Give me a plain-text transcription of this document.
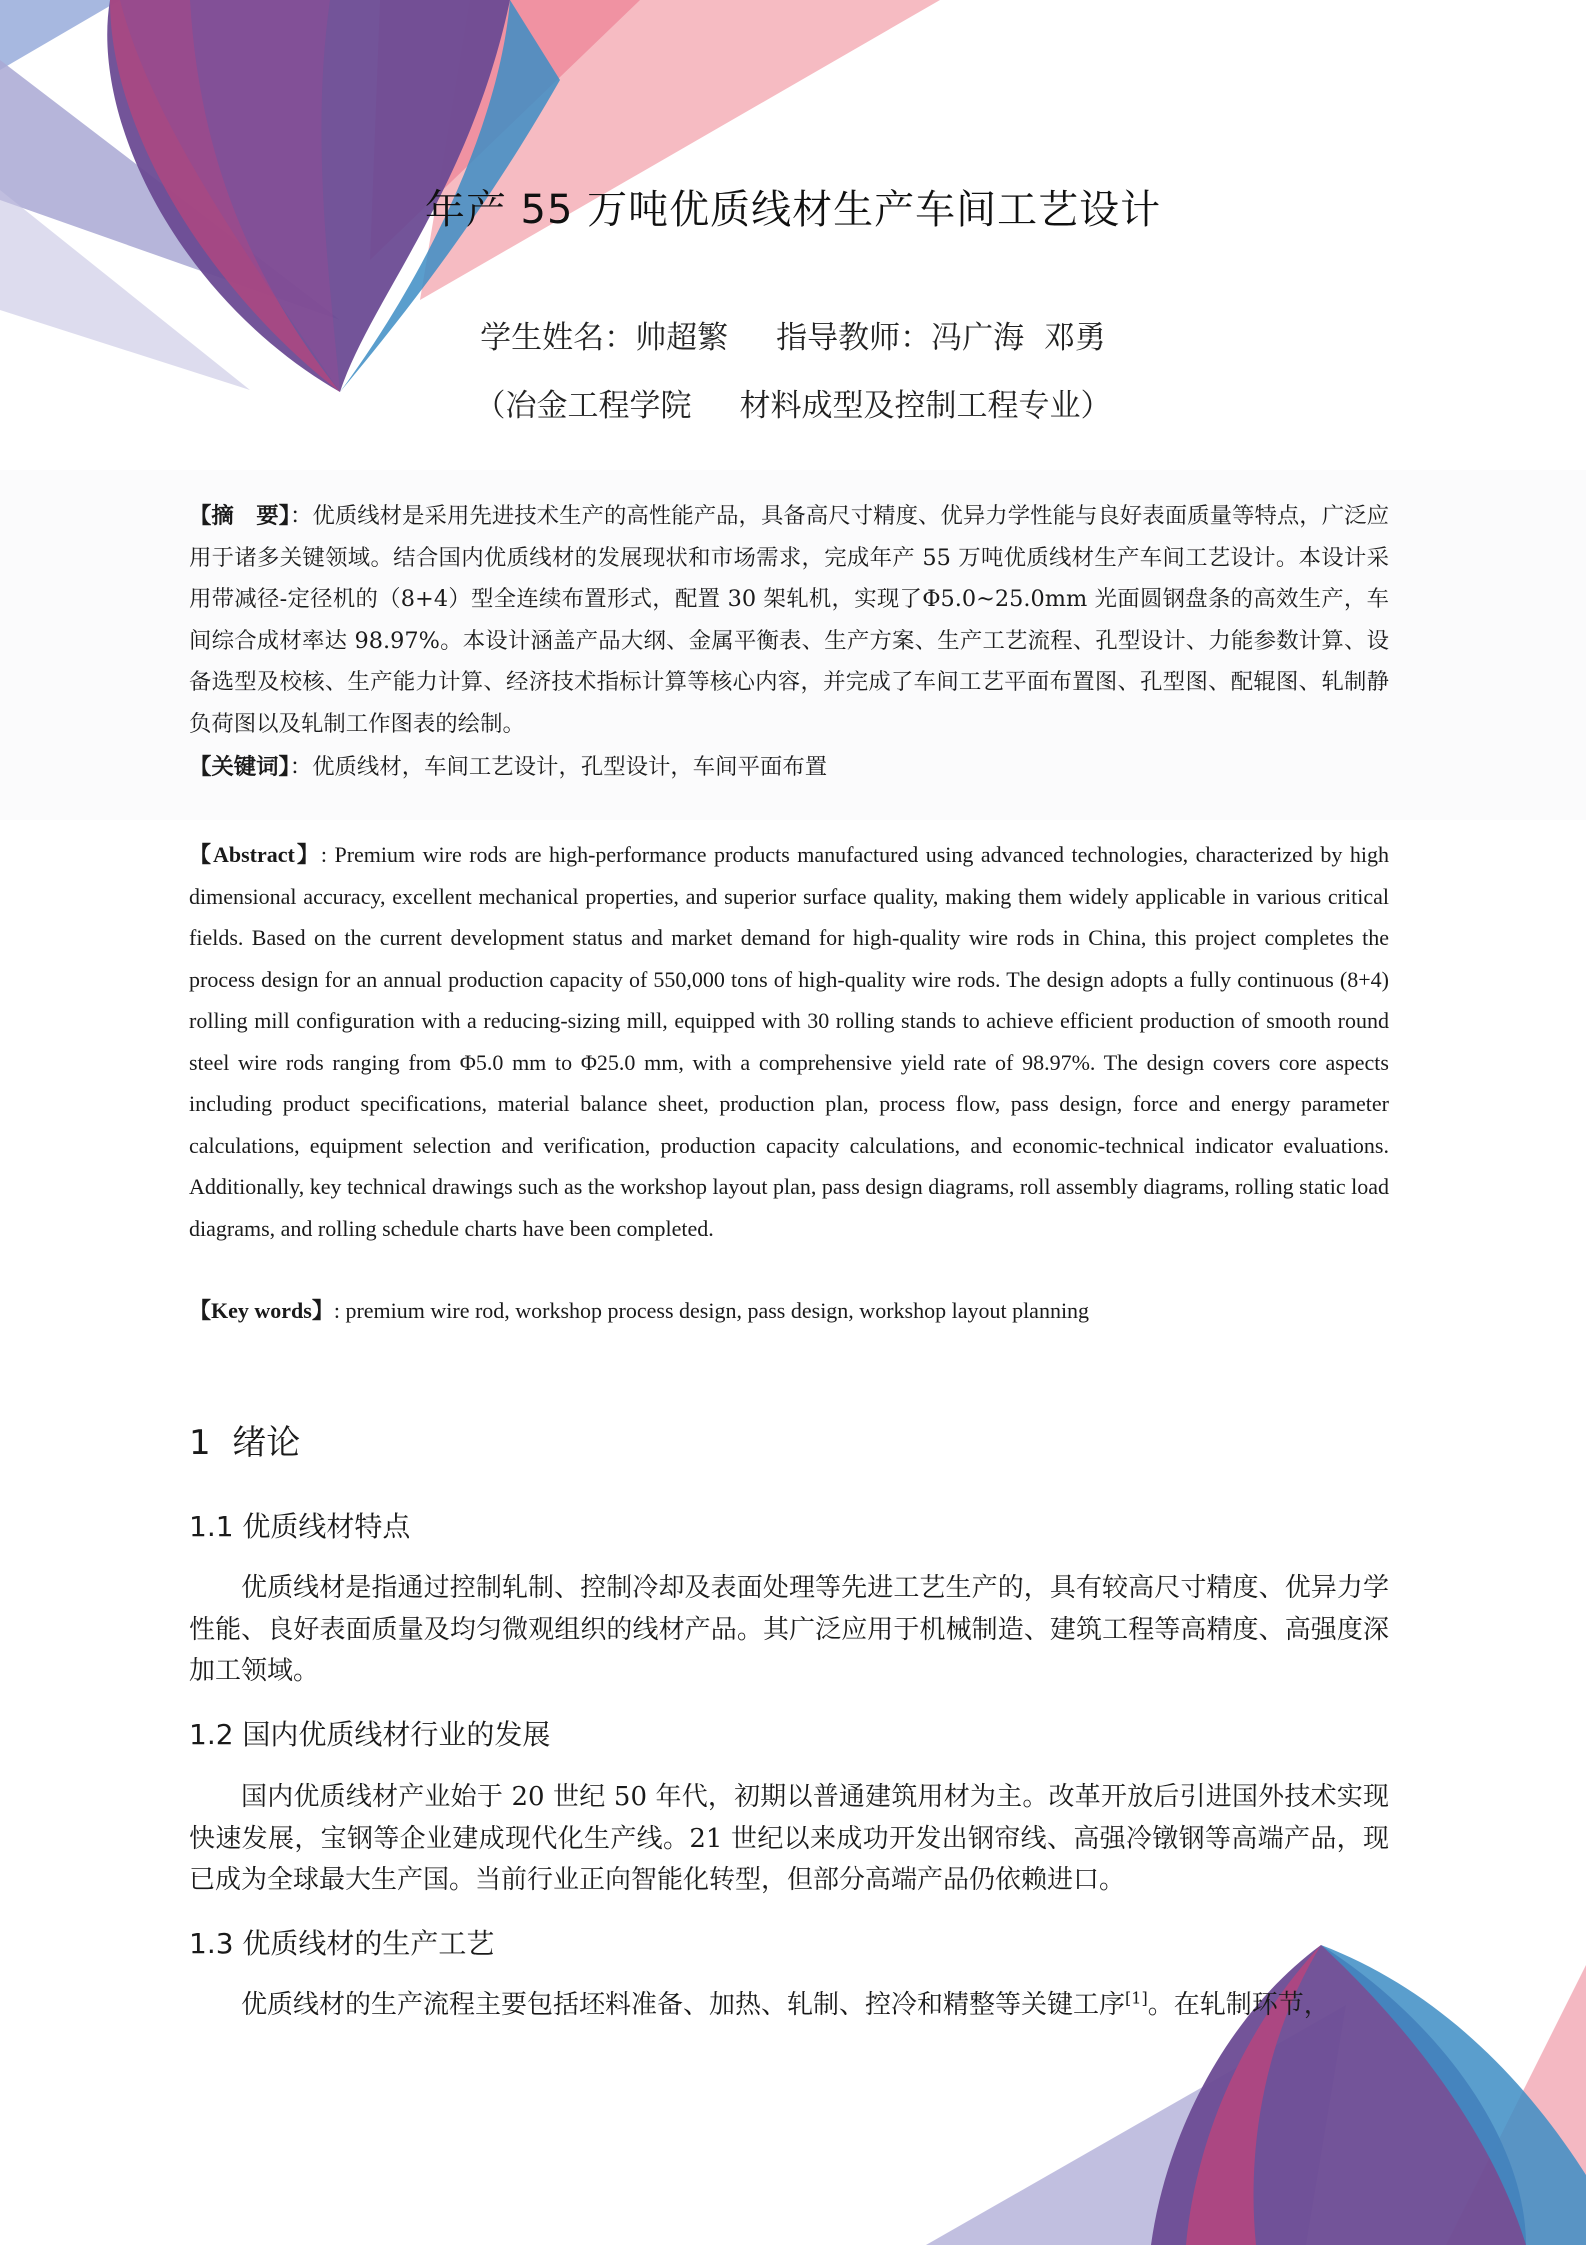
年产 55 万吨优质线材生产车间工艺设计
学生姓名：帅超繁 指导教师：冯广海  邓勇
（冶金工程学院 材料成型及控制工程专业）
【摘　要】：优质线材是采用先进技术生产的高性能产品，具备高尺寸精度、优异力学性能与良好表面质量等特点，广泛应用于诸多关键领域。结合国内优质线材的发展现状和市场需求，完成年产 55 万吨优质线材生产车间工艺设计。本设计采用带减径-定径机的（8+4）型全连续布置形式，配置 30 架轧机，实现了Φ5.0~25.0mm 光面圆钢盘条的高效生产，车间综合成材率达 98.97%。本设计涵盖产品大纲、金属平衡表、生产方案、生产工艺流程、孔型设计、力能参数计算、设备选型及校核、生产能力计算、经济技术指标计算等核心内容，并完成了车间工艺平面布置图、孔型图、配辊图、轧制静负荷图以及轧制工作图表的绘制。
【关键词】：优质线材，车间工艺设计，孔型设计，车间平面布置
【Abstract】: Premium wire rods are high-performance products manufactured using advanced technologies, characterized by high dimensional accuracy, excellent mechanical properties, and superior surface quality, making them widely applicable in various critical fields. Based on the current development status and market demand for high-quality wire rods in China, this project completes the process design for an annual production capacity of 550,000 tons of high-quality wire rods. The design adopts a fully continuous (8+4) rolling mill configuration with a reducing-sizing mill, equipped with 30 rolling stands to achieve efficient production of smooth round steel wire rods ranging from Φ5.0 mm to Φ25.0 mm, with a comprehensive yield rate of 98.97%. The design covers core aspects including product specifications, material balance sheet, production plan, process flow, pass design, force and energy parameter calculations, equipment selection and verification, production capacity calculations, and economic-technical indicator evaluations. Additionally, key technical drawings such as the workshop layout plan, pass design diagrams, roll assembly diagrams, rolling static load diagrams, and rolling schedule charts have been completed.
【Key words】: premium wire rod, workshop process design, pass design, workshop layout planning
1  绪论
1.1 优质线材特点
优质线材是指通过控制轧制、控制冷却及表面处理等先进工艺生产的，具有较高尺寸精度、优异力学性能、良好表面质量及均匀微观组织的线材产品。其广泛应用于机械制造、建筑工程等高精度、高强度深加工领域。
1.2 国内优质线材行业的发展
国内优质线材产业始于 20 世纪 50 年代，初期以普通建筑用材为主。改革开放后引进国外技术实现快速发展，宝钢等企业建成现代化生产线。21 世纪以来成功开发出钢帘线、高强冷镦钢等高端产品，现已成为全球最大生产国。当前行业正向智能化转型，但部分高端产品仍依赖进口。
1.3 优质线材的生产工艺
优质线材的生产流程主要包括坯料准备、加热、轧制、控冷和精整等关键工序[1]。在轧制环节，
